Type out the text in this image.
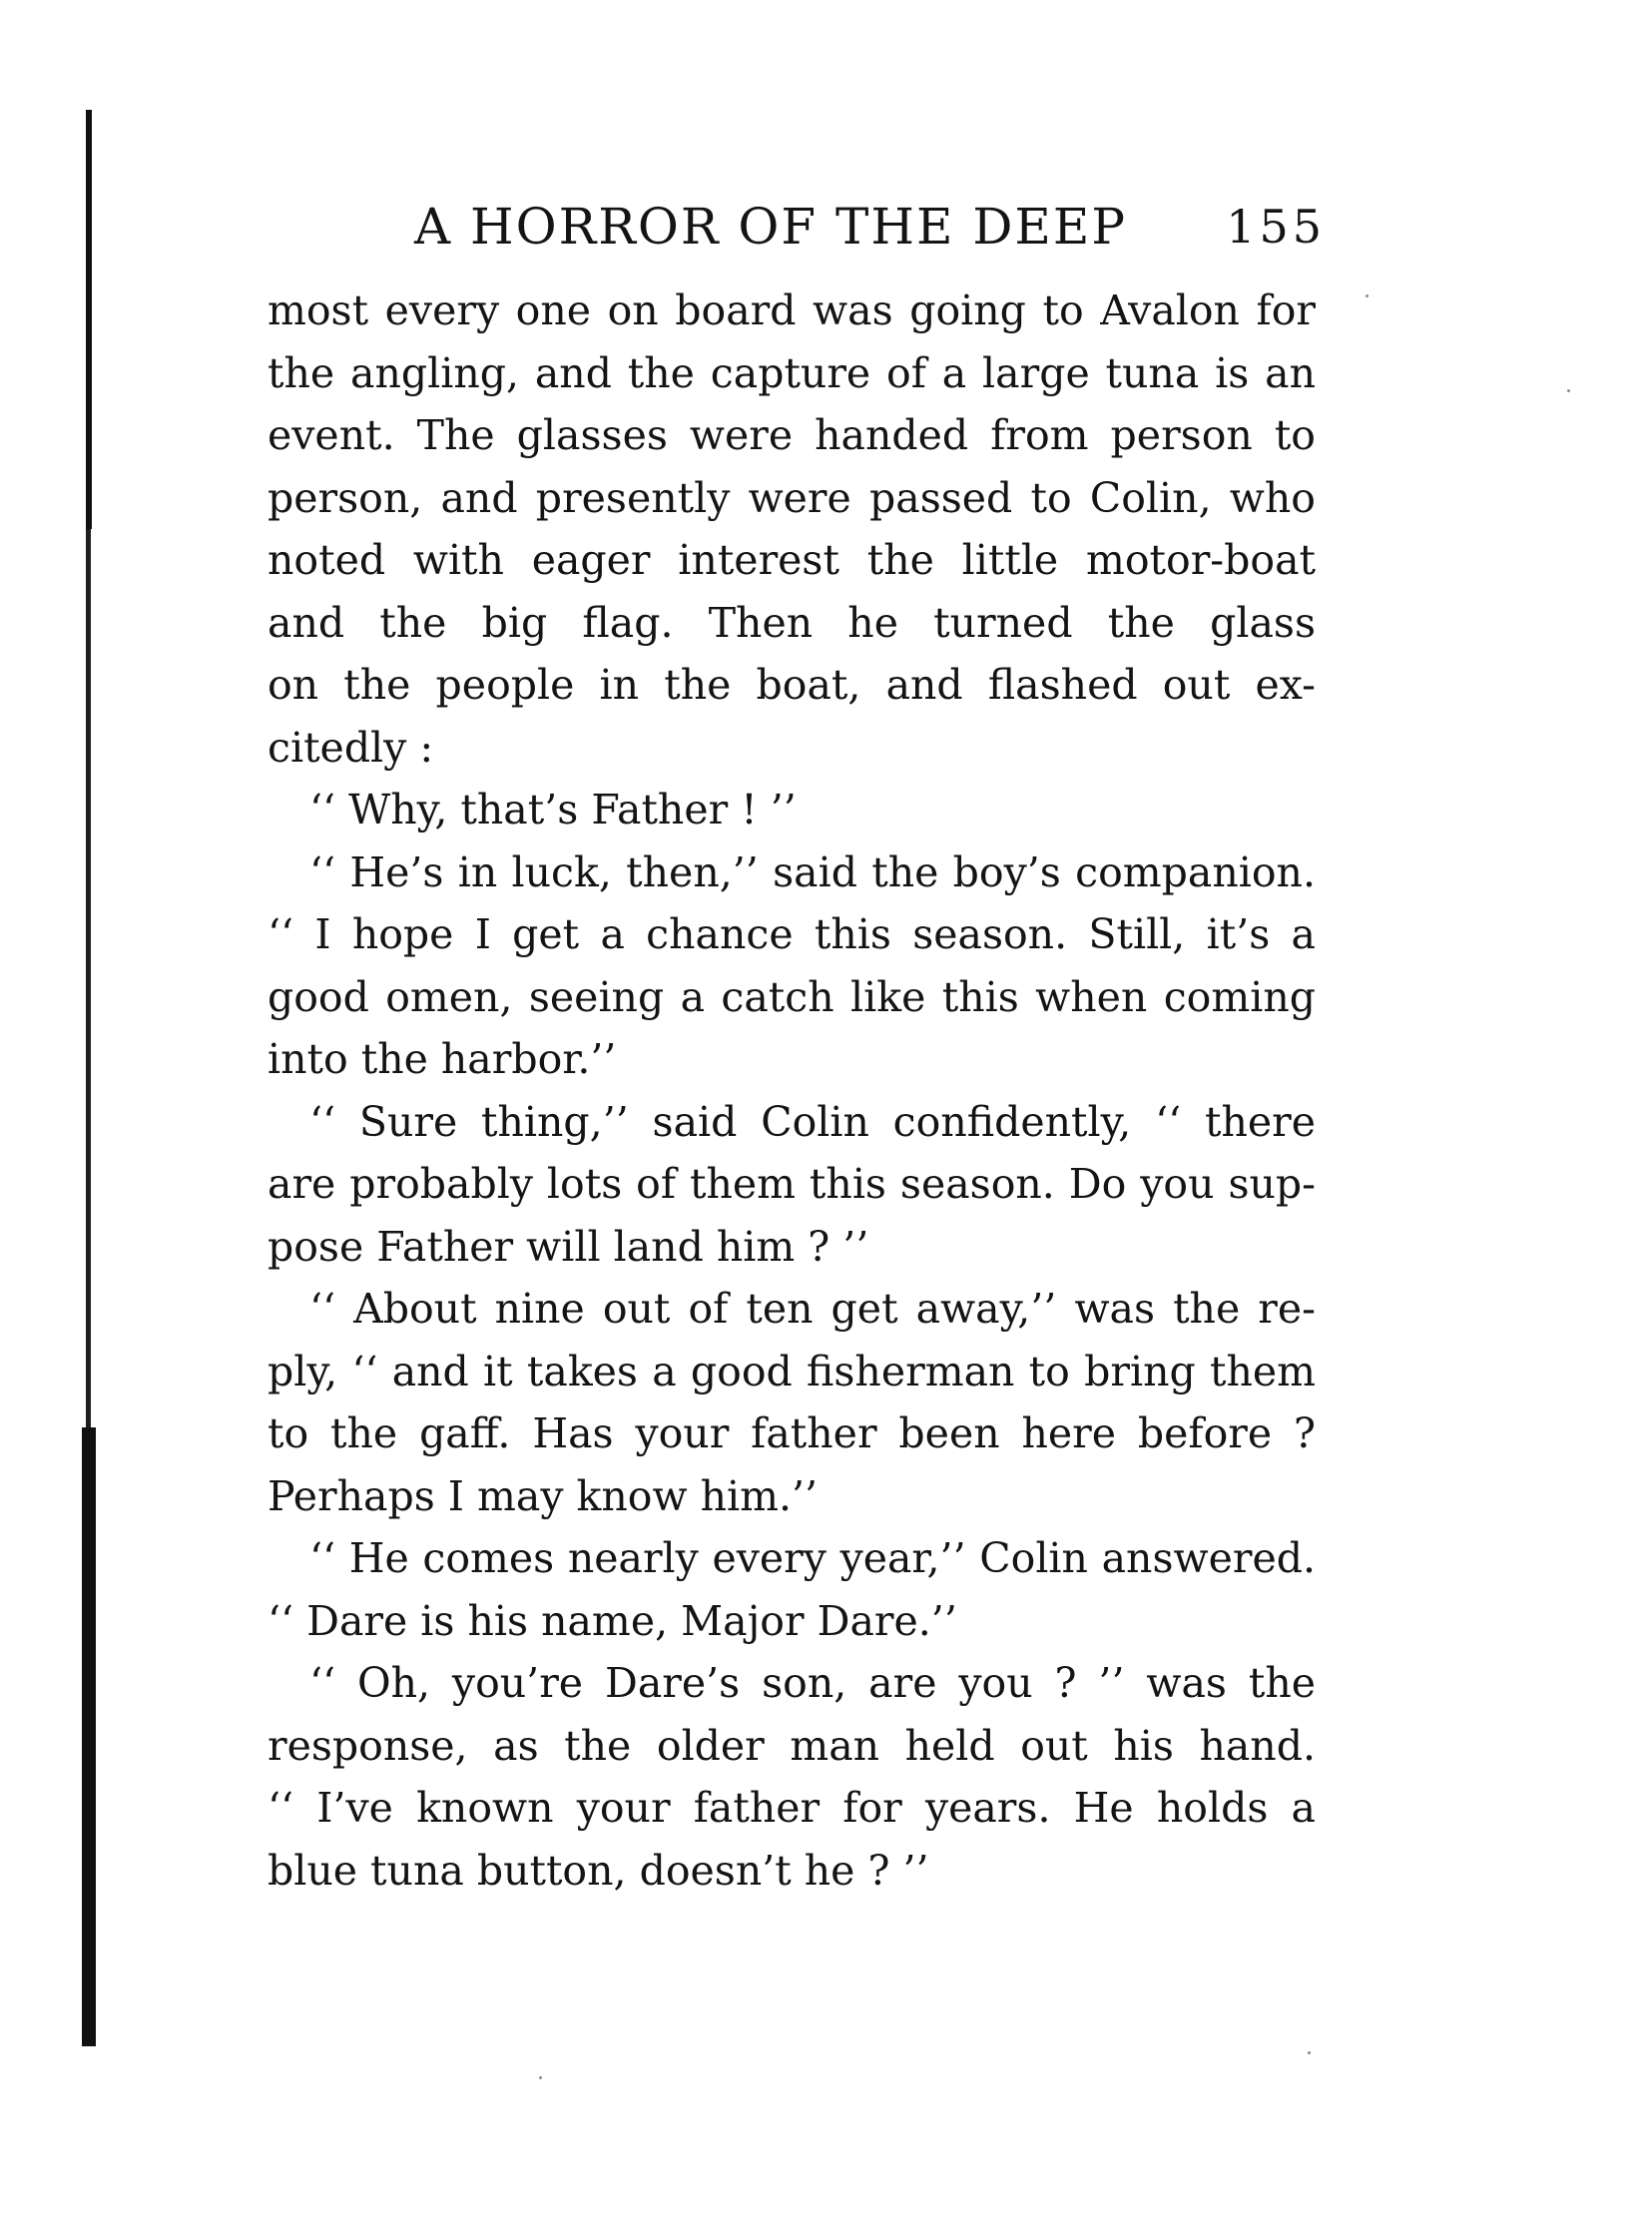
A HORROR OF THE DEEP 155
most every one on board was going to Avalon for
the angling, and the capture of a large tuna is an
event. The glasses were handed from person to
person, and presently were passed to Colin, who
noted with eager interest the little motor-boat
and the big flag. Then he turned the glass
on the people in the boat, and flashed out ex-
citedly :
‘‘ Why, that’s Father ! ’’
‘‘ He’s in luck, then,’’ said the boy’s companion.
‘‘ I hope I get a chance this season. Still, it’s a
good omen, seeing a catch like this when coming
into the harbor.’’
‘‘ Sure thing,’’ said Colin confidently, ‘‘ there
are probably lots of them this season. Do you sup-
pose Father will land him ? ’’
‘‘ About nine out of ten get away,’’ was the re-
ply, ‘‘ and it takes a good fisherman to bring them
to the gaff. Has your father been here before ?
Perhaps I may know him.’’
‘‘ He comes nearly every year,’’ Colin answered.
‘‘ Dare is his name, Major Dare.’’
‘‘ Oh, you’re Dare’s son, are you ? ’’ was the
response, as the older man held out his hand.
‘‘ I’ve known your father for years. He holds a
blue tuna button, doesn’t he ? ’’
